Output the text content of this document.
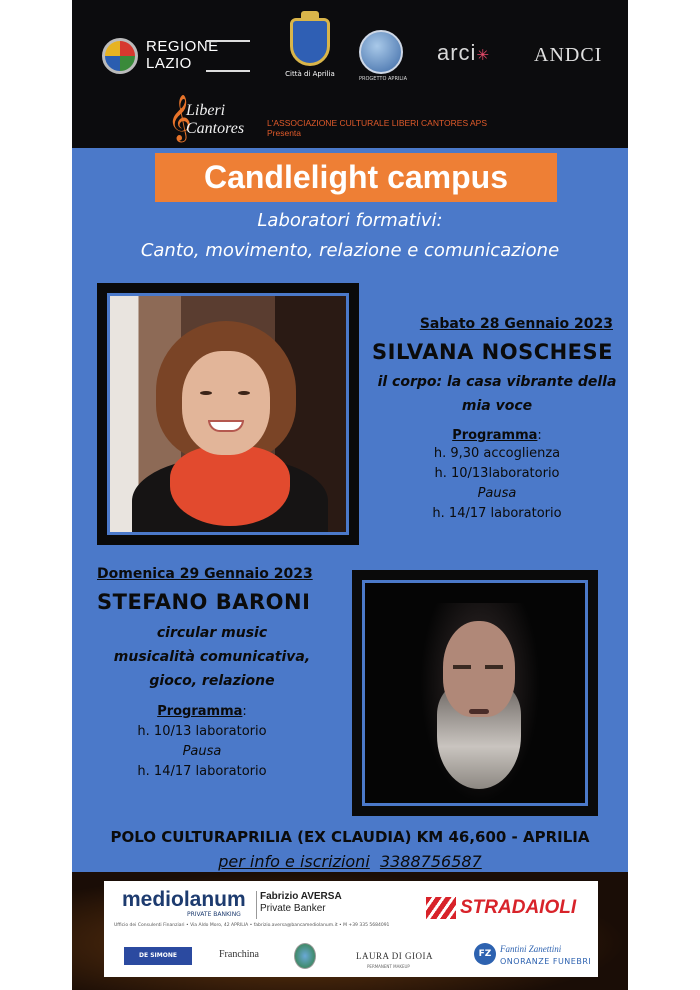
REGIONE
LAZIO
Città di Aprilia
PROGETTO APRILIA
arci✳ ANDCI
𝄞
Liberi
Cantores	L'ASSOCIAZIONE CULTURALE LIBERI CANTORES APS
Presenta
Candlelight campus
Laboratori formativi:
Canto, movimento, relazione e comunicazione
Sabato 28 Gennaio 2023
SILVANA NOSCHESE
il corpo: la casa vibrante della
mia voce
Programma:
h. 9,30 accoglienza
h. 10/13laboratorio
Pausa
h. 14/17 laboratorio
Domenica 29 Gennaio 2023
STEFANO BARONI
circular music
musicalità comunicativa,
gioco, relazione
Programma:
h. 10/13 laboratorio
Pausa
h. 14/17 laboratorio
POLO CULTURAPRILIA (EX CLAUDIA) KM 46,600 - APRILIA
per info e iscrizioni 3388756587
mediolanum
PRIVATE BANKING
Fabrizio AVERSA
Private Banker
Ufficio dei Consulenti Finanziari • Via Aldo Moro, 42 APRILIA • fabrizio.aversa@bancamediolanum.it • M +39 335 5684091
STRADAIOLI
DE SIMONE	Franchina	LAURA DI GIOIA
PERMANENT MAKEUP
FZ Fantini Zanettini
ONORANZE FUNEBRI
